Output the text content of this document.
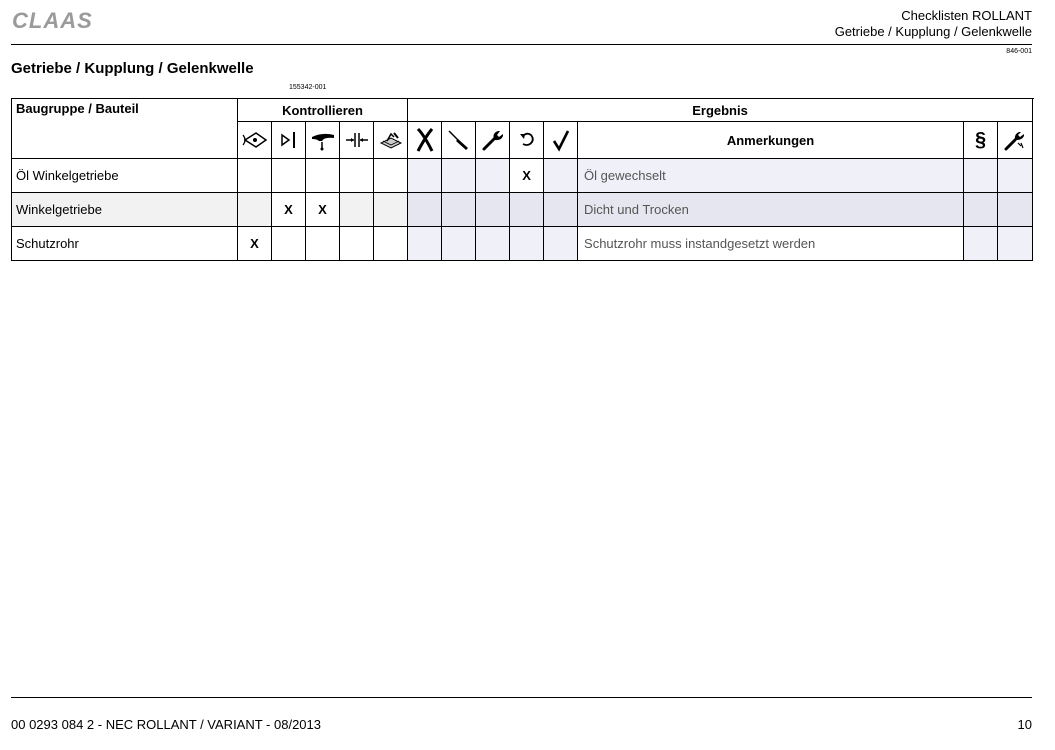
CLAAS	Checklisten ROLLANT
Getriebe / Kupplung / Gelenkwelle
846-001
Getriebe / Kupplung / Gelenkwelle
155342-001
Baugruppe / Bauteil	Kontrollieren					Ergebnis							

	Anmerkungen	§	

Öl Winkelgetriebe									X		Öl gewechselt		
Winkelgetriebe		X	X								Dicht und Trocken		
Schutzrohr	X										Schutzrohr muss instandgesetzt werden		
00 0293 084 2 - NEC ROLLANT / VARIANT - 08/2013	10
